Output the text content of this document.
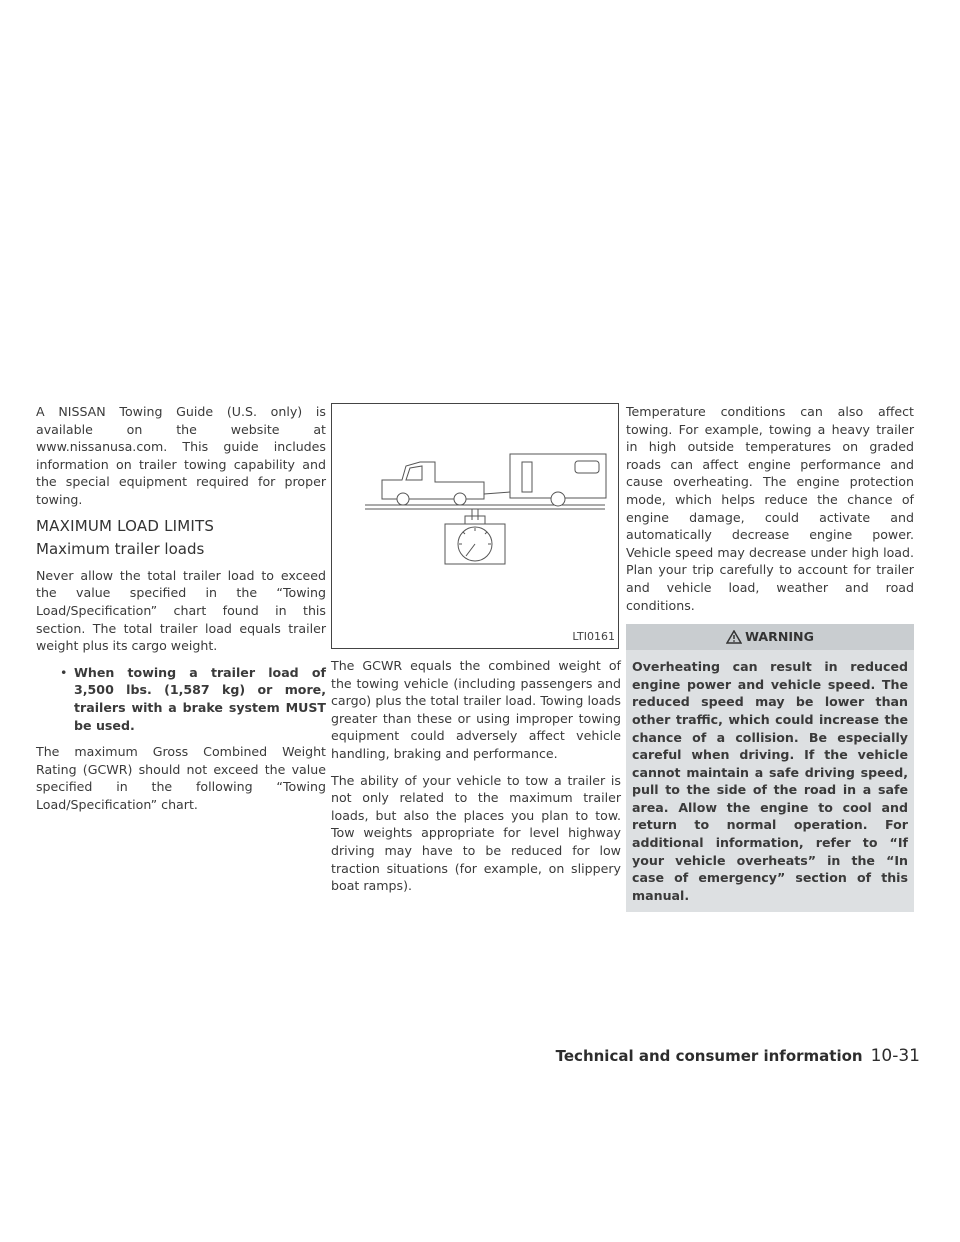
A NISSAN Towing Guide (U.S. only) is available on the website at www.nissanusa.com. This guide includes information on trailer towing capability and the special equipment required for proper towing.

MAXIMUM LOAD LIMITS
Maximum trailer loads

Never allow the total trailer load to exceed the value specified in the “Towing Load/Specification” chart found in this section. The total trailer load equals trailer weight plus its cargo weight.

• When towing a trailer load of 3,500 lbs. (1,587 kg) or more, trailers with a brake system MUST be used.

The maximum Gross Combined Weight Rating (GCWR) should not exceed the value specified in the following “Towing Load/Specification” chart.

LTI0161

The GCWR equals the combined weight of the towing vehicle (including passengers and cargo) plus the total trailer load. Towing loads greater than these or using improper towing equipment could adversely affect vehicle handling, braking and performance.

The ability of your vehicle to tow a trailer is not only related to the maximum trailer loads, but also the places you plan to tow. Tow weights appropriate for level highway driving may have to be reduced for low traction situations (for example, on slippery boat ramps).

Temperature conditions can also affect towing. For example, towing a heavy trailer in high outside temperatures on graded roads can affect engine performance and cause overheating. The engine protection mode, which helps reduce the chance of engine damage, could activate and automatically decrease engine power. Vehicle speed may decrease under high load. Plan your trip carefully to account for trailer and vehicle load, weather and road conditions.

WARNING
Overheating can result in reduced engine power and vehicle speed. The reduced speed may be lower than other traffic, which could increase the chance of a collision. Be especially careful when driving. If the vehicle cannot maintain a safe driving speed, pull to the side of the road in a safe area. Allow the engine to cool and return to normal operation. For additional information, refer to “If your vehicle overheats” in the “In case of emergency” section of this manual.
Technical and consumer information 10-31
